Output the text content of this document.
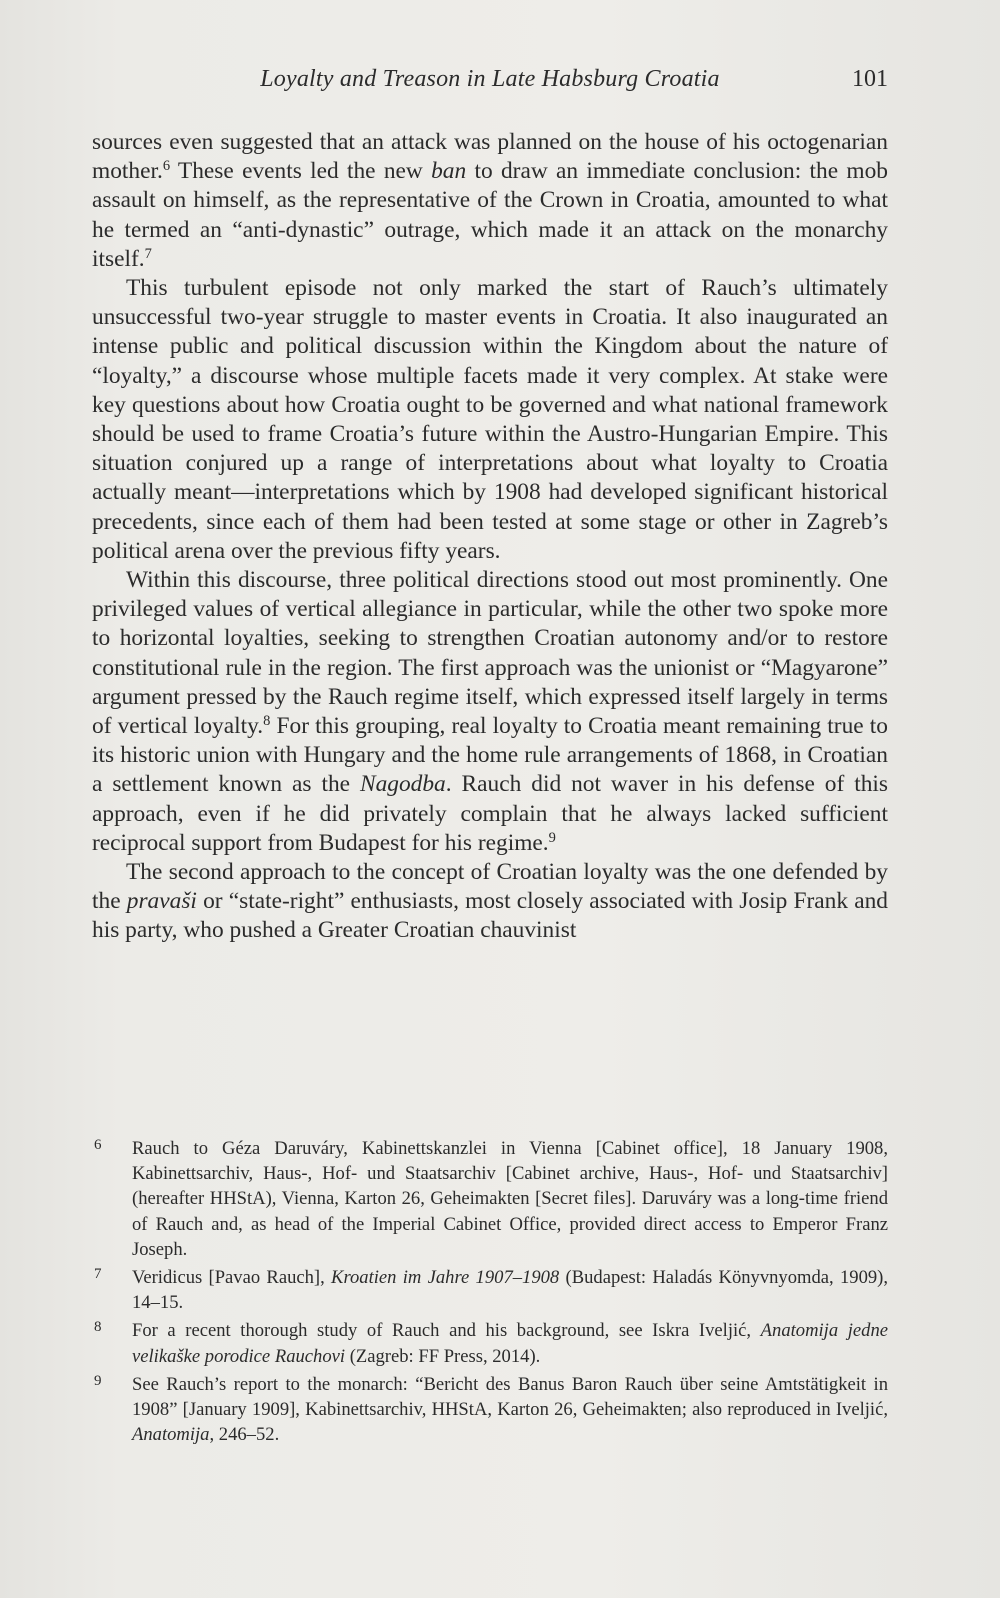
Loyalty and Treason in Late Habsburg Croatia	101

sources even suggested that an attack was planned on the house of his octogenarian mother.$^6$ These events led the new ban to draw an immediate conclusion: the mob assault on himself, as the representative of the Crown in Croatia, amounted to what he termed an “anti-dynastic” outrage, which made it an attack on the monarchy itself.$^7$

This turbulent episode not only marked the start of Rauch’s ultimately unsuccessful two-year struggle to master events in Croatia. It also inaugurated an intense public and political discussion within the Kingdom about the nature of “loyalty,” a discourse whose multiple facets made it very complex. At stake were key questions about how Croatia ought to be governed and what national framework should be used to frame Croatia’s future within the Austro-Hungarian Empire. This situation conjured up a range of interpretations about what loyalty to Croatia actually meant—interpretations which by 1908 had developed significant historical precedents, since each of them had been tested at some stage or other in Zagreb’s political arena over the previous fifty years.

Within this discourse, three political directions stood out most prominently. One privileged values of vertical allegiance in particular, while the other two spoke more to horizontal loyalties, seeking to strengthen Croatian autonomy and/or to restore constitutional rule in the region. The first approach was the unionist or “Magyarone” argument pressed by the Rauch regime itself, which expressed itself largely in terms of vertical loyalty.$^8$ For this grouping, real loyalty to Croatia meant remaining true to its historic union with Hungary and the home rule arrangements of 1868, in Croatian a settlement known as the Nagodba. Rauch did not waver in his defense of this approach, even if he did privately complain that he always lacked sufficient reciprocal support from Budapest for his regime.$^9$

The second approach to the concept of Croatian loyalty was the one defended by the pravaši or “state-right” enthusiasts, most closely associated with Josip Frank and his party, who pushed a Greater Croatian chauvinist

6 Rauch to Géza Daruváry, Kabinettskanzlei in Vienna [Cabinet office], 18 January 1908, Kabinettsarchiv, Haus-, Hof- und Staatsarchiv [Cabinet archive, Haus-, Hof- und Staatsarchiv] (hereafter HHStA), Vienna, Karton 26, Geheimakten [Secret files]. Daruváry was a long-time friend of Rauch and, as head of the Imperial Cabinet Office, provided direct access to Emperor Franz Joseph.
7 Veridicus [Pavao Rauch], Kroatien im Jahre 1907–1908 (Budapest: Haladás Könyvnyomda, 1909), 14–15.
8 For a recent thorough study of Rauch and his background, see Iskra Iveljić, Anatomija jedne velikaške porodice Rauchovi (Zagreb: FF Press, 2014).
9 See Rauch’s report to the monarch: “Bericht des Banus Baron Rauch über seine Amtstätigkeit in 1908” [January 1909], Kabinettsarchiv, HHStA, Karton 26, Geheimakten; also reproduced in Iveljić, Anatomija, 246–52.
